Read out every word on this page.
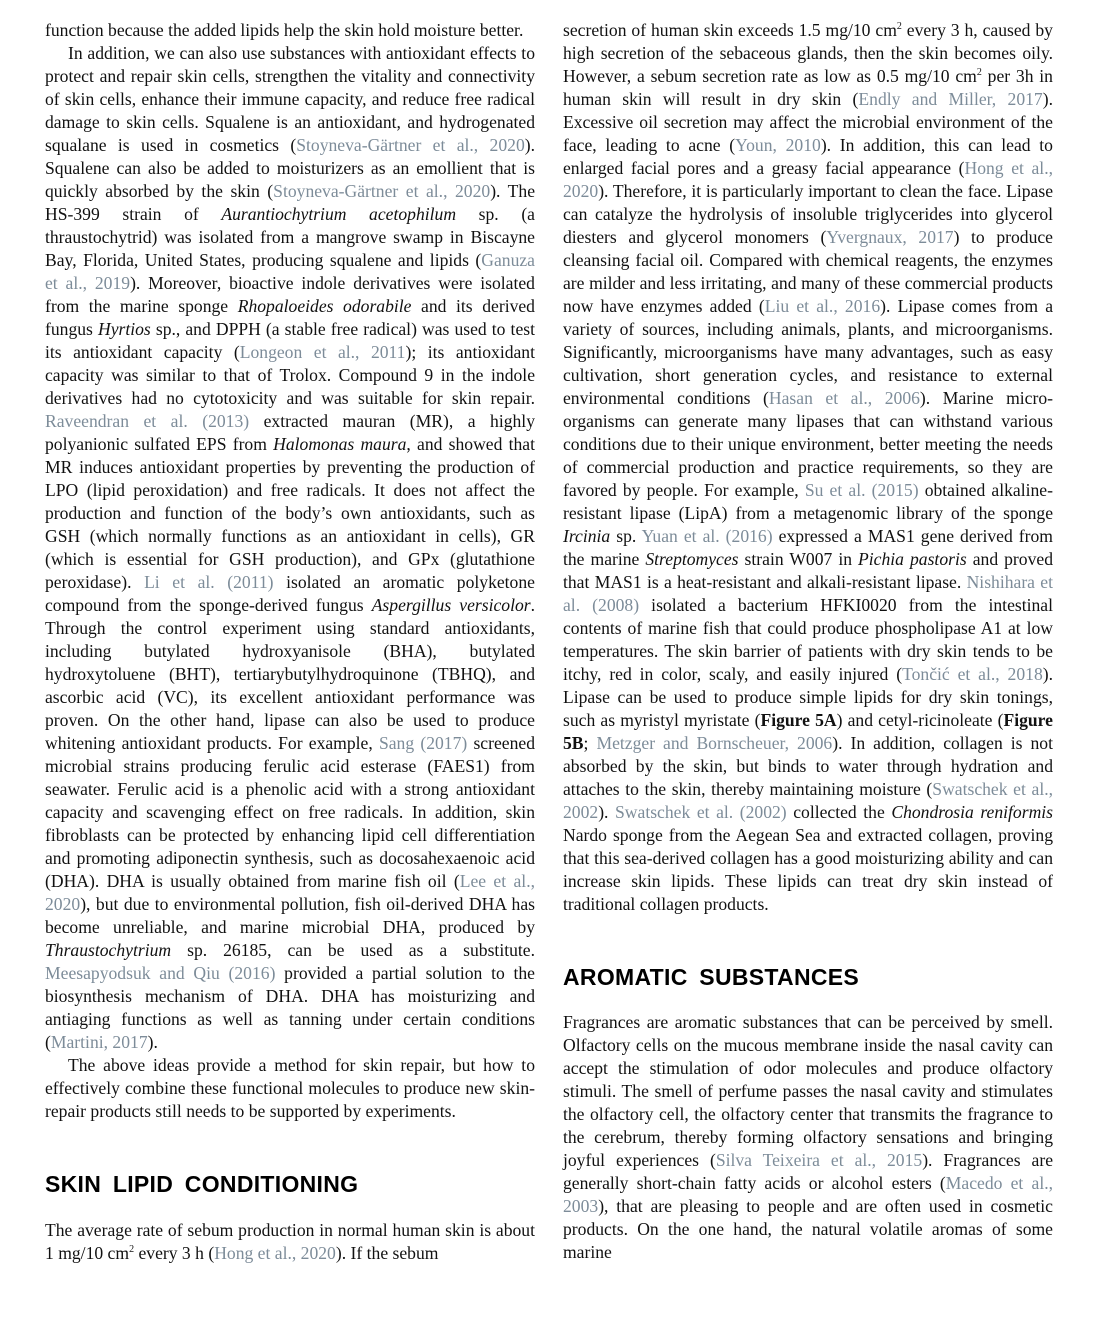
function because the added lipids help the skin hold moisture better.

In addition, we can also use substances with antioxidant effects to protect and repair skin cells, strengthen the vitality and connectivity of skin cells, enhance their immune capacity, and reduce free radical damage to skin cells. Squalene is an antioxidant, and hydrogenated squalane is used in cosmetics (Stoyneva-Gärtner et al., 2020). Squalene can also be added to moisturizers as an emollient that is quickly absorbed by the skin (Stoyneva-Gärtner et al., 2020). The HS-399 strain of Aurantiochytrium acetophilum sp. (a thraustochytrid) was isolated from a mangrove swamp in Biscayne Bay, Florida, United States, producing squalene and lipids (Ganuza et al., 2019). Moreover, bioactive indole derivatives were isolated from the marine sponge Rhopaloeides odorabile and its derived fungus Hyrtios sp., and DPPH (a stable free radical) was used to test its antioxidant capacity (Longeon et al., 2011); its antioxidant capacity was similar to that of Trolox. Compound 9 in the indole derivatives had no cytotoxicity and was suitable for skin repair. Raveendran et al. (2013) extracted mauran (MR), a highly polyanionic sulfated EPS from Halomonas maura, and showed that MR induces antioxidant properties by preventing the production of LPO (lipid peroxidation) and free radicals. It does not affect the production and function of the body’s own antioxidants, such as GSH (which normally functions as an antioxidant in cells), GR (which is essential for GSH production), and GPx (glutathione peroxidase). Li et al. (2011) isolated an aromatic polyketone compound from the sponge-derived fungus Aspergillus versicolor. Through the control experiment using standard antioxidants, including butylated hydroxyanisole (BHA), butylated hydroxytoluene (BHT), tertiarybutylhydroquinone (TBHQ), and ascorbic acid (VC), its excellent antioxidant performance was proven. On the other hand, lipase can also be used to produce whitening antioxidant products. For example, Sang (2017) screened microbial strains producing ferulic acid esterase (FAES1) from seawater. Ferulic acid is a phenolic acid with a strong antioxidant capacity and scavenging effect on free radicals. In addition, skin fibroblasts can be protected by enhancing lipid cell differentiation and promoting adiponectin synthesis, such as docosahexaenoic acid (DHA). DHA is usually obtained from marine fish oil (Lee et al., 2020), but due to environmental pollution, fish oil-derived DHA has become unreliable, and marine microbial DHA, produced by Thraustochytrium sp. 26185, can be used as a substitute. Meesapyodsuk and Qiu (2016) provided a partial solution to the biosynthesis mechanism of DHA. DHA has moisturizing and antiaging functions as well as tanning under certain conditions (Martini, 2017).

The above ideas provide a method for skin repair, but how to effectively combine these functional molecules to produce new skin-repair products still needs to be supported by experiments.

SKIN LIPID CONDITIONING

The average rate of sebum production in normal human skin is about 1 mg/10 $cm^2$ every 3 h (Hong et al., 2020). If the sebum

secretion of human skin exceeds 1.5 mg/10 $cm^2$ every 3 h, caused by high secretion of the sebaceous glands, then the skin becomes oily. However, a sebum secretion rate as low as 0.5 mg/10 $cm^2$ per 3h in human skin will result in dry skin (Endly and Miller, 2017). Excessive oil secretion may affect the microbial environment of the face, leading to acne (Youn, 2010). In addition, this can lead to enlarged facial pores and a greasy facial appearance (Hong et al., 2020). Therefore, it is particularly important to clean the face. Lipase can catalyze the hydrolysis of insoluble triglycerides into glycerol diesters and glycerol monomers (Yvergnaux, 2017) to produce cleansing facial oil. Compared with chemical reagents, the enzymes are milder and less irritating, and many of these commercial products now have enzymes added (Liu et al., 2016). Lipase comes from a variety of sources, including animals, plants, and microorganisms. Significantly, microorganisms have many advantages, such as easy cultivation, short generation cycles, and resistance to external environmental conditions (Hasan et al., 2006). Marine micro-organisms can generate many lipases that can withstand various conditions due to their unique environment, better meeting the needs of commercial production and practice requirements, so they are favored by people. For example, Su et al. (2015) obtained alkaline-resistant lipase (LipA) from a metagenomic library of the sponge Ircinia sp. Yuan et al. (2016) expressed a MAS1 gene derived from the marine Streptomyces strain W007 in Pichia pastoris and proved that MAS1 is a heat-resistant and alkali-resistant lipase. Nishihara et al. (2008) isolated a bacterium HFKI0020 from the intestinal contents of marine fish that could produce phospholipase A1 at low temperatures. The skin barrier of patients with dry skin tends to be itchy, red in color, scaly, and easily injured (Tončić et al., 2018). Lipase can be used to produce simple lipids for dry skin tonings, such as myristyl myristate (Figure 5A) and cetyl-ricinoleate (Figure 5B; Metzger and Bornscheuer, 2006). In addition, collagen is not absorbed by the skin, but binds to water through hydration and attaches to the skin, thereby maintaining moisture (Swatschek et al., 2002). Swatschek et al. (2002) collected the Chondrosia reniformis Nardo sponge from the Aegean Sea and extracted collagen, proving that this sea-derived collagen has a good moisturizing ability and can increase skin lipids. These lipids can treat dry skin instead of traditional collagen products.

AROMATIC SUBSTANCES

Fragrances are aromatic substances that can be perceived by smell. Olfactory cells on the mucous membrane inside the nasal cavity can accept the stimulation of odor molecules and produce olfactory stimuli. The smell of perfume passes the nasal cavity and stimulates the olfactory cell, the olfactory center that transmits the fragrance to the cerebrum, thereby forming olfactory sensations and bringing joyful experiences (Silva Teixeira et al., 2015). Fragrances are generally short-chain fatty acids or alcohol esters (Macedo et al., 2003), that are pleasing to people and are often used in cosmetic products. On the one hand, the natural volatile aromas of some marine
